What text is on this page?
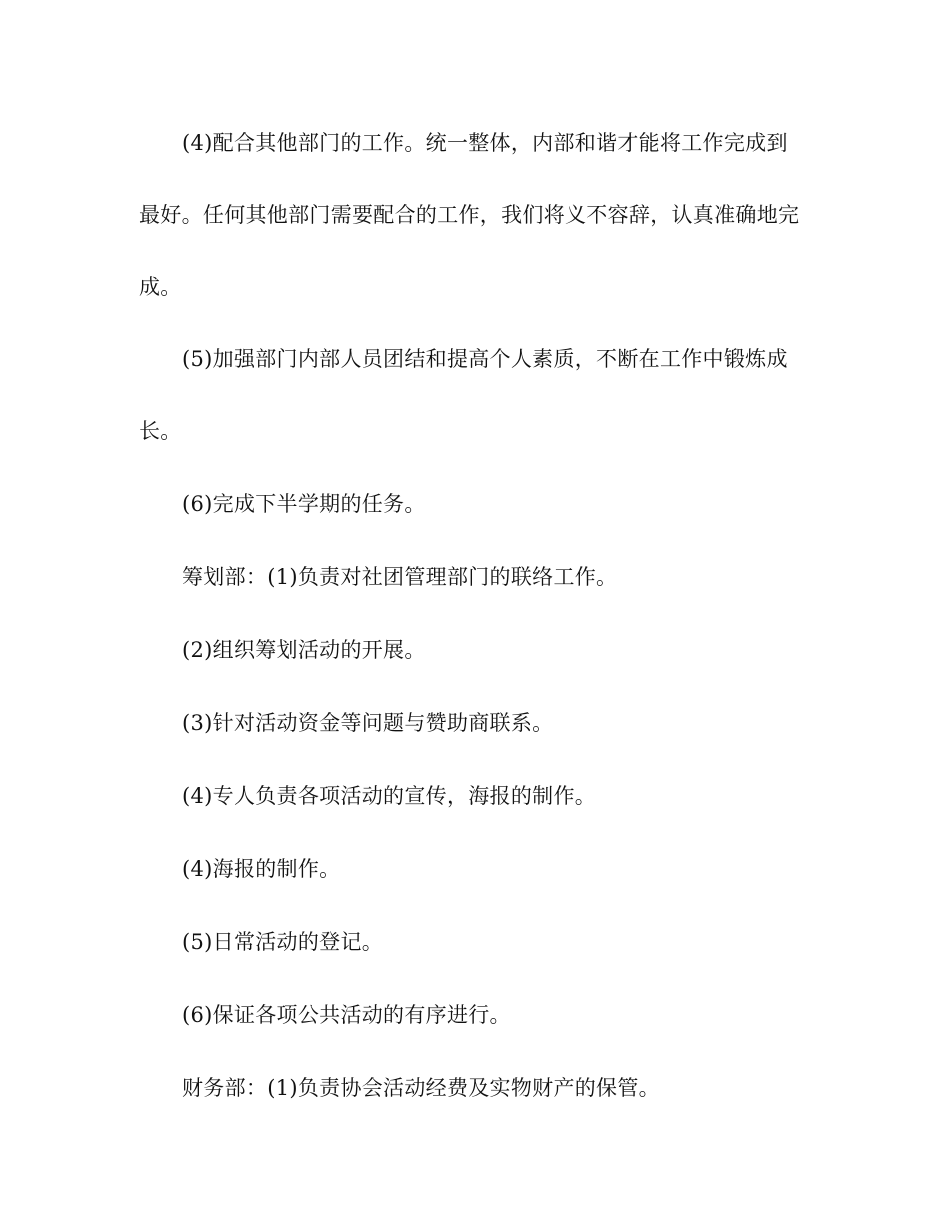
(4)配合其他部门的工作。统一整体，内部和谐才能将工作完成到
最好。任何其他部门需要配合的工作，我们将义不容辞，认真准确地完
成。
(5)加强部门内部人员团结和提高个人素质，不断在工作中锻炼成
长。
(6)完成下半学期的任务。
筹划部：(1)负责对社团管理部门的联络工作。
(2)组织筹划活动的开展。
(3)针对活动资金等问题与赞助商联系。
(4)专人负责各项活动的宣传，海报的制作。
(4)海报的制作。
(5)日常活动的登记。
(6)保证各项公共活动的有序进行。
财务部：(1)负责协会活动经费及实物财产的保管。
